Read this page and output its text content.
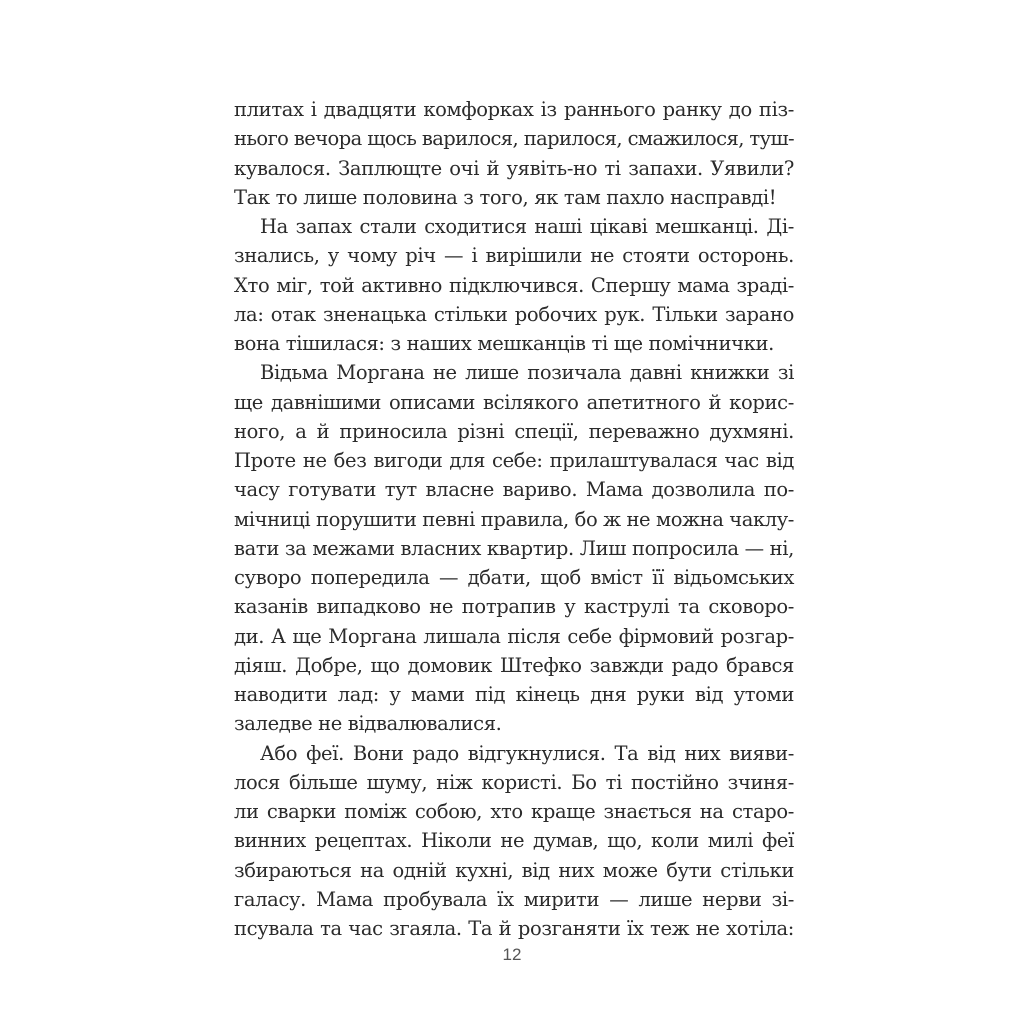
плитах і двадцяти комфорках із раннього ранку до піз-
нього вечора щось варилося, парилося, смажилося, туш-
кувалося. Заплющте очі й уявіть-но ті запахи. Уявили?
Так то лише половина з того, як там пахло насправді!
На запах стали сходитися наші цікаві мешканці. Ді-
знались, у чому річ — і вирішили не стояти осторонь.
Хто міг, той активно підключився. Спершу мама зраді-
ла: отак зненацька стільки робочих рук. Тільки зарано
вона тішилася: з наших мешканців ті ще помічнички.
Відьма Моргана не лише позичала давні книжки зі
ще давнішими описами всілякого апетитного й корис-
ного, а й приносила різні спеції, переважно духмяні.
Проте не без вигоди для себе: прилаштувалася час від
часу готувати тут власне вариво. Мама дозволила по-
мічниці порушити певні правила, бо ж не можна чаклу-
вати за межами власних квартир. Лиш попросила — ні,
суворо попередила — дбати, щоб вміст її відьомських
казанів випадково не потрапив у каструлі та сковоро-
ди. А ще Моргана лишала після себе фірмовий розгар-
діяш. Добре, що домовик Штефко завжди радо брався
наводити лад: у мами під кінець дня руки від утоми
заледве не відвалювалися.
Або феї. Вони радо відгукнулися. Та від них вияви-
лося більше шуму, ніж користі. Бо ті постійно зчиня-
ли сварки поміж собою, хто краще знається на старо-
винних рецептах. Ніколи не думав, що, коли милі феї
збираються на одній кухні, від них може бути стільки
галасу. Мама пробувала їх мирити — лише нерви зі-
псувала та час згаяла. Та й розганяти їх теж не хотіла:
12
